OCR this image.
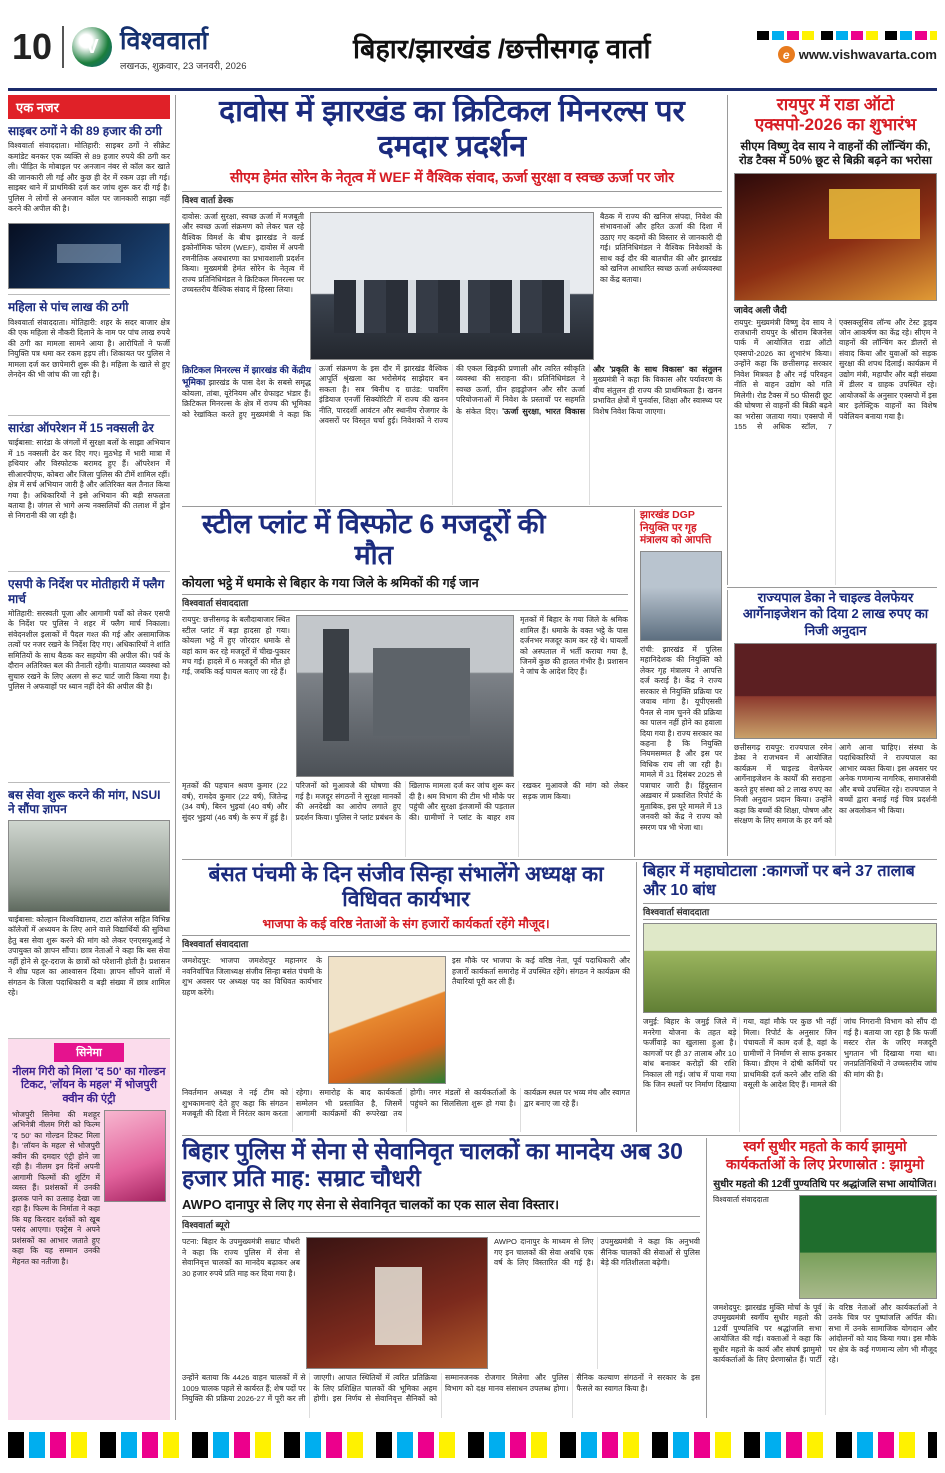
10	V विश्ववार्ता
लखनऊ, शुक्रवार, 23 जनवरी, 2026
बिहार/झारखंड /छत्तीसगढ़ वार्ता	e www.vishwavarta.com
एक नजर
साइबर ठगों ने की 89 हजार की ठगी
विश्ववार्ता संवाददाता। मोतिहारी: साइबर ठगों ने सीक्रेट कमांडेट बनकर एक व्यक्ति से 89 हजार रुपये की ठगी कर ली। पीड़ित के मोबाइल पर अनजान नंबर से कॉल कर खाते की जानकारी ली गई और कुछ ही देर में रकम उड़ा ली गई। साइबर थाने में प्राथमिकी दर्ज कर जांच शुरू कर दी गई है। पुलिस ने लोगों से अनजान कॉल पर जानकारी साझा नहीं करने की अपील की है।
महिला से पांच लाख की ठगी
विश्ववार्ता संवाददाता। मोतिहारी: शहर के सदर बाजार क्षेत्र की एक महिला से नौकरी दिलाने के नाम पर पांच लाख रुपये की ठगी का मामला सामने आया है। आरोपितों ने फर्जी नियुक्ति पत्र थमा कर रकम हड़प ली। शिकायत पर पुलिस ने मामला दर्ज कर छापेमारी शुरू की है। महिला के खाते से हुए लेनदेन की भी जांच की जा रही है।
सारंडा ऑपरेशन में 15 नक्सली ढेर
चाईबासा: सारंडा के जंगलों में सुरक्षा बलों के साझा अभियान में 15 नक्सली ढेर कर दिए गए। मुठभेड़ में भारी मात्रा में हथियार और विस्फोटक बरामद हुए हैं। ऑपरेशन में सीआरपीएफ, कोबरा और जिला पुलिस की टीमें शामिल रहीं। क्षेत्र में सर्च अभियान जारी है और अतिरिक्त बल तैनात किया गया है। अधिकारियों ने इसे अभियान की बड़ी सफलता बताया है। जंगल से भागे अन्य नक्सलियों की तलाश में ड्रोन से निगरानी की जा रही है।
एसपी के निर्देश पर मोतीहारी में फ्लैग मार्च
मोतिहारी: सरस्वती पूजा और आगामी पर्वों को लेकर एसपी के निर्देश पर पुलिस ने शहर में फ्लैग मार्च निकाला। संवेदनशील इलाकों में पैदल गश्त की गई और असामाजिक तत्वों पर नजर रखने के निर्देश दिए गए। अधिकारियों ने शांति समितियों के साथ बैठक कर सहयोग की अपील की। पर्व के दौरान अतिरिक्त बल की तैनाती रहेगी। यातायात व्यवस्था को सुचारु रखने के लिए अलग से रूट चार्ट जारी किया गया है। पुलिस ने अफवाहों पर ध्यान नहीं देने की अपील की है।
बस सेवा शुरू करने की मांग, NSUI ने सौंपा ज्ञापन
चाईबासा: कोल्हान विश्वविद्यालय, टाटा कॉलेज सहित विभिन्न कॉलेजों में अध्ययन के लिए आने वाले विद्यार्थियों की सुविधा हेतु बस सेवा शुरू करने की मांग को लेकर एनएसयूआई ने उपायुक्त को ज्ञापन सौंपा। छात्र नेताओं ने कहा कि बस सेवा नहीं होने से दूर-दराज के छात्रों को परेशानी होती है। प्रशासन ने शीघ्र पहल का आश्वासन दिया। ज्ञापन सौंपने वालों में संगठन के जिला पदाधिकारी व बड़ी संख्या में छात्र शामिल रहे।
सिनेमा
नीलम गिरी को मिला 'द 50' का गोल्डन टिकट, 'लॉयन के महल' में भोजपुरी क्वीन की एंट्री
भोजपुरी सिनेमा की मशहूर अभिनेत्री नीलम गिरी को फिल्म 'द 50' का गोल्डन टिकट मिला है। 'लॉयन के महल' से भोजपुरी क्वीन की दमदार एंट्री होने जा रही है। नीलम इन दिनों अपनी आगामी फिल्मों की शूटिंग में व्यस्त हैं। प्रशंसकों में उनकी झलक पाने का उत्साह देखा जा रहा है। फिल्म के निर्माता ने कहा कि यह किरदार दर्शकों को खूब पसंद आएगा। एक्ट्रेस ने अपने प्रशंसकों का आभार जताते हुए कहा कि यह सम्मान उनकी मेहनत का नतीजा है।
दावोस में झारखंड का क्रिटिकल मिनरल्स पर दमदार प्रदर्शन
सीएम हेमंत सोरेन के नेतृत्व में WEF में वैश्विक संवाद, ऊर्जा सुरक्षा व स्वच्छ ऊर्जा पर जोर
विश्व वार्ता डेस्क
दावोस: ऊर्जा सुरक्षा, स्वच्छ ऊर्जा में मजबूती और स्वच्छ ऊर्जा संक्रमण को लेकर चल रहे वैश्विक विमर्श के बीच झारखंड ने वर्ल्ड इकोनॉमिक फोरम (WEF), दावोस में अपनी रणनीतिक अवधारणा का प्रभावशाली प्रदर्शन किया। मुख्यमंत्री हेमंत सोरेन के नेतृत्व में राज्य प्रतिनिधिमंडल ने क्रिटिकल मिनरल्स पर उच्चस्तरीय वैश्विक संवाद में हिस्सा लिया।
बैठक में राज्य की खनिज संपदा, निवेश की संभावनाओं और हरित ऊर्जा की दिशा में उठाए गए कदमों की विस्तार से जानकारी दी गई। प्रतिनिधिमंडल ने वैश्विक निवेशकों के साथ कई दौर की बातचीत की और झारखंड को खनिज आधारित स्वच्छ ऊर्जा अर्थव्यवस्था का केंद्र बताया।
क्रिटिकल मिनरल्स में झारखंड की केंद्रीय भूमिका झारखंड के पास देश के सबसे समृद्ध कोयला, तांबा, यूरेनियम और ग्रेफाइट भंडार हैं। क्रिटिकल मिनरल्स के क्षेत्र में राज्य की भूमिका को रेखांकित करते हुए मुख्यमंत्री ने कहा कि ऊर्जा संक्रमण के इस दौर में झारखंड वैश्विक आपूर्ति श्रृंखला का भरोसेमंद साझेदार बन सकता है। सत्र 'बिनीथ द ग्राउंड: पावरिंग इंडियाज एनर्जी सिक्योरिटी' में राज्य की खनन नीति, पारदर्शी आवंटन और स्थानीय रोजगार के अवसरों पर विस्तृत चर्चा हुई। निवेशकों ने राज्य की एकल खिड़की प्रणाली और त्वरित स्वीकृति व्यवस्था की सराहना की। प्रतिनिधिमंडल ने स्वच्छ ऊर्जा, ग्रीन हाइड्रोजन और सौर ऊर्जा परियोजनाओं में निवेश के प्रस्तावों पर सहमति के संकेत दिए। 'ऊर्जा सुरक्षा, भारत विकास और 'प्रकृति के साथ विकास' का संतुलन मुख्यमंत्री ने कहा कि विकास और पर्यावरण के बीच संतुलन ही राज्य की प्राथमिकता है। खनन प्रभावित क्षेत्रों में पुनर्वास, शिक्षा और स्वास्थ्य पर विशेष निवेश किया जाएगा।
रायपुर में राडा ऑटो एक्सपो-2026 का शुभारंभ
सीएम विष्णु देव साय ने वाहनों की लॉन्चिंग की, रोड टैक्स में 50% छूट से बिक्री बढ़ने का भरोसा
जावेद अली जैदी
रायपुर: मुख्यमंत्री विष्णु देव साय ने राजधानी रायपुर के श्रीराम बिजनेस पार्क में आयोजित राडा ऑटो एक्सपो-2026 का शुभारंभ किया। उन्होंने कहा कि छत्तीसगढ़ सरकार निवेश मित्रवत है और नई परिवहन नीति से वाहन उद्योग को गति मिलेगी। रोड टैक्स में 50 फीसदी छूट की घोषणा से वाहनों की बिक्री बढ़ने का भरोसा जताया गया। एक्सपो में 155 से अधिक स्टॉल, 7 एक्सक्लूसिव लॉन्च और टेस्ट ड्राइव जोन आकर्षण का केंद्र रहे। सीएम ने वाहनों की लॉन्चिंग कर डीलरों से संवाद किया और युवाओं को सड़क सुरक्षा की शपथ दिलाई। कार्यक्रम में उद्योग मंत्री, महापौर और बड़ी संख्या में डीलर व ग्राहक उपस्थित रहे। आयोजकों के अनुसार एक्सपो में इस बार इलेक्ट्रिक वाहनों का विशेष पवेलियन बनाया गया है।
स्टील प्लांट में विस्फोट 6 मजदूरों की मौत
कोयला भट्ठे में धमाके से बिहार के गया जिले के श्रमिकों की गई जान
विश्ववार्ता संवाददाता
रायपुर: छत्तीसगढ़ के बलौदाबाजार स्थित स्टील प्लांट में बड़ा हादसा हो गया। कोयला भट्ठे में हुए जोरदार धमाके से वहां काम कर रहे मजदूरों में चीख-पुकार मच गई। हादसे में 6 मजदूरों की मौत हो गई, जबकि कई घायल बताए जा रहे हैं।
मृतकों में बिहार के गया जिले के श्रमिक शामिल हैं। धमाके के वक्त भट्ठे के पास दर्जनभर मजदूर काम कर रहे थे। घायलों को अस्पताल में भर्ती कराया गया है, जिनमें कुछ की हालत गंभीर है। प्रशासन ने जांच के आदेश दिए हैं।
मृतकों की पहचान श्रवण कुमार (22 वर्ष), रामदेव कुमार (22 वर्ष), जितेन्द्र (34 वर्ष), बिरन भुइयां (40 वर्ष) और सुंदर भुइयां (46 वर्ष) के रूप में हुई है। परिजनों को मुआवजे की घोषणा की गई है। मजदूर संगठनों ने सुरक्षा मानकों की अनदेखी का आरोप लगाते हुए प्रदर्शन किया। पुलिस ने प्लांट प्रबंधन के खिलाफ मामला दर्ज कर जांच शुरू कर दी है। श्रम विभाग की टीम भी मौके पर पहुंची और सुरक्षा इंतजामों की पड़ताल की। ग्रामीणों ने प्लांट के बाहर शव रखकर मुआवजे की मांग को लेकर सड़क जाम किया।
झारखंड DGP नियुक्ति पर गृह मंत्रालय को आपत्ति
रांची: झारखंड में पुलिस महानिदेशक की नियुक्ति को लेकर गृह मंत्रालय ने आपत्ति दर्ज कराई है। केंद्र ने राज्य सरकार से नियुक्ति प्रक्रिया पर जवाब मांगा है। यूपीएससी पैनल से नाम चुनने की प्रक्रिया का पालन नहीं होने का हवाला दिया गया है। राज्य सरकार का कहना है कि नियुक्ति नियमसम्मत है और इस पर विधिक राय ली जा रही है। मामले में 31 दिसंबर 2025 से पत्राचार जारी है। हिंदुस्तान अख़बार में प्रकाशित रिपोर्ट के मुताबिक, इस पूरे मामले में 13 जनवरी को केंद्र ने राज्य को स्मरण पत्र भी भेजा था।
राज्यपाल डेका ने चाइल्ड वेलफेयर आर्गेनाइजेशन को दिया 2 लाख रुपए का निजी अनुदान
छत्तीसगढ़ रायपुर: राज्यपाल रमेन डेका ने राजभवन में आयोजित कार्यक्रम में चाइल्ड वेलफेयर आर्गेनाइजेशन के कार्यों की सराहना करते हुए संस्था को 2 लाख रुपए का निजी अनुदान प्रदान किया। उन्होंने कहा कि बच्चों की शिक्षा, पोषण और संरक्षण के लिए समाज के हर वर्ग को आगे आना चाहिए। संस्था के पदाधिकारियों ने राज्यपाल का आभार व्यक्त किया। इस अवसर पर अनेक गणमान्य नागरिक, समाजसेवी और बच्चे उपस्थित रहे। राज्यपाल ने बच्चों द्वारा बनाई गई चित्र प्रदर्शनी का अवलोकन भी किया।
बंसत पंचमी के दिन संजीव सिन्हा संभालेंगे अध्यक्ष का विधिवत कार्यभार
भाजपा के कई वरिष्ठ नेताओं के संग हजारों कार्यकर्ता रहेंगे मौजूद।
विश्ववार्ता संवाददाता
जमशेदपुर: भाजपा जमशेदपुर महानगर के नवनिर्वाचित जिलाध्यक्ष संजीव सिन्हा बसंत पंचमी के शुभ अवसर पर अध्यक्ष पद का विधिवत कार्यभार ग्रहण करेंगे।
इस मौके पर भाजपा के कई वरिष्ठ नेता, पूर्व पदाधिकारी और हजारों कार्यकर्ता समारोह में उपस्थित रहेंगे। संगठन ने कार्यक्रम की तैयारियां पूरी कर ली हैं।
निवर्तमान अध्यक्ष ने नई टीम को शुभकामनाएं देते हुए कहा कि संगठन मजबूती की दिशा में निरंतर काम करता रहेगा। समारोह के बाद कार्यकर्ता सम्मेलन भी प्रस्तावित है, जिसमें आगामी कार्यक्रमों की रूपरेखा तय होगी। नगर मंडलों से कार्यकर्ताओं के पहुंचने का सिलसिला शुरू हो गया है। कार्यक्रम स्थल पर भव्य मंच और स्वागत द्वार बनाए जा रहे हैं।
बिहार में महाघोटाला :कागजों पर बने 37 तालाब और 10 बांध
विश्ववार्ता संवाददाता
जमुई: बिहार के जमुई जिले में मनरेगा योजना के तहत बड़े फर्जीवाड़े का खुलासा हुआ है। कागजों पर ही 37 तालाब और 10 बांध बनाकर करोड़ों की राशि निकाल ली गई। जांच में पाया गया कि जिन स्थलों पर निर्माण दिखाया गया, वहां मौके पर कुछ भी नहीं मिला। रिपोर्ट के अनुसार जिन पंचायतों में काम दर्ज है, वहां के ग्रामीणों ने निर्माण से साफ इनकार किया। डीएम ने दोषी कर्मियों पर प्राथमिकी दर्ज करने और राशि की वसूली के आदेश दिए हैं। मामले की जांच निगरानी विभाग को सौंप दी गई है। बताया जा रहा है कि फर्जी मस्टर रोल के जरिए मजदूरी भुगतान भी दिखाया गया था। जनप्रतिनिधियों ने उच्चस्तरीय जांच की मांग की है।
बिहार पुलिस में सेना से सेवानिवृत चालकों का मानदेय अब 30 हजार प्रति माह: सम्राट चौधरी
AWPO दानापुर से लिए गए सेना से सेवानिवृत चालकों का एक साल सेवा विस्तार।
विश्ववार्ता ब्यूरो
पटना: बिहार के उपमुख्यमंत्री सम्राट चौधरी ने कहा कि राज्य पुलिस में सेना से सेवानिवृत्त चालकों का मानदेय बढ़ाकर अब 30 हजार रुपये प्रति माह कर दिया गया है।
AWPO दानापुर के माध्यम से लिए गए इन चालकों की सेवा अवधि एक वर्ष के लिए विस्तारित की गई है। उपमुख्यमंत्री ने कहा कि अनुभवी सैनिक चालकों की सेवाओं से पुलिस बेड़े की गतिशीलता बढ़ेगी।
उन्होंने बताया कि 4426 वाहन चालकों में से 1009 चालक पहले से कार्यरत हैं; शेष पदों पर नियुक्ति की प्रक्रिया 2026-27 में पूरी कर ली जाएगी। आपात स्थितियों में त्वरित प्रतिक्रिया के लिए प्रशिक्षित चालकों की भूमिका अहम होगी। इस निर्णय से सेवानिवृत्त सैनिकों को सम्मानजनक रोजगार मिलेगा और पुलिस विभाग को दक्ष मानव संसाधन उपलब्ध होगा। सैनिक कल्याण संगठनों ने सरकार के इस फैसले का स्वागत किया है।
स्वर्ग सुधीर महतो के कार्य झामुमो कार्यकर्ताओं के लिए प्रेरणास्रोत : झामुमो
सुधीर महतो की 12वीं पुण्यतिथि पर श्रद्धांजलि सभा आयोजित।
विश्ववार्ता संवाददाता
जमशेदपुर: झारखंड मुक्ति मोर्चा के पूर्व उपमुख्यमंत्री स्वर्गीय सुधीर महतो की 12वीं पुण्यतिथि पर श्रद्धांजलि सभा आयोजित की गई। वक्ताओं ने कहा कि सुधीर महतो के कार्य और संघर्ष झामुमो कार्यकर्ताओं के लिए प्रेरणास्रोत हैं। पार्टी के वरिष्ठ नेताओं और कार्यकर्ताओं ने उनके चित्र पर पुष्पांजलि अर्पित की। सभा में उनके सामाजिक योगदान और आंदोलनों को याद किया गया। इस मौके पर क्षेत्र के कई गणमान्य लोग भी मौजूद रहे।
